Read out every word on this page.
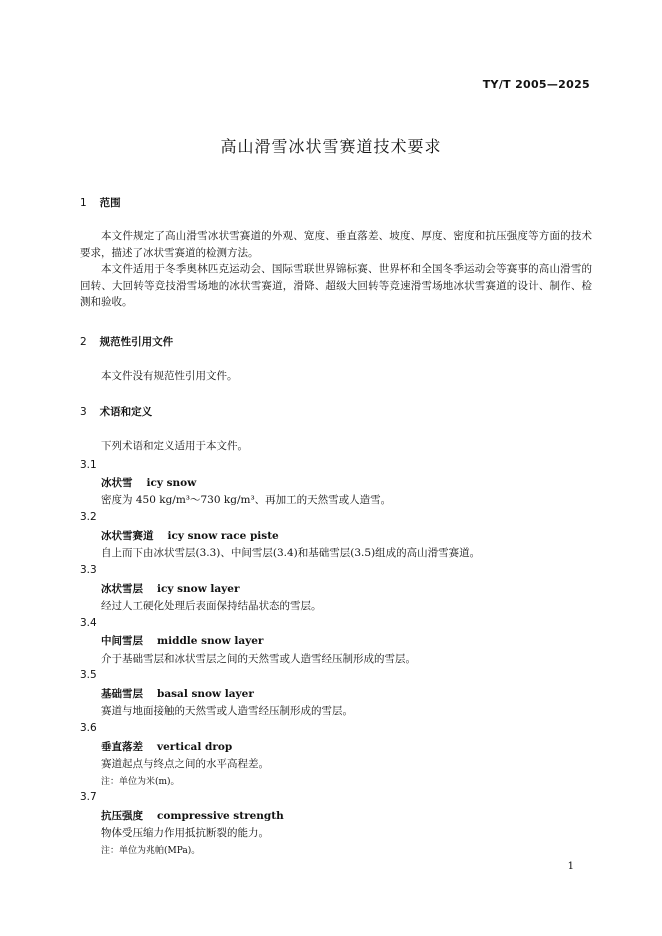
TY/T 2005—2025
高山滑雪冰状雪赛道技术要求
1 范围
本文件规定了高山滑雪冰状雪赛道的外观、宽度、垂直落差、坡度、厚度、密度和抗压强度等方面的技术要求，描述了冰状雪赛道的检测方法。
本文件适用于冬季奥林匹克运动会、国际雪联世界锦标赛、世界杯和全国冬季运动会等赛事的高山滑雪的回转、大回转等竞技滑雪场地的冰状雪赛道，滑降、超级大回转等竞速滑雪场地冰状雪赛道的设计、制作、检测和验收。
2 规范性引用文件
本文件没有规范性引用文件。
3 术语和定义
下列术语和定义适用于本文件。
3.1
冰状雪 icy snow
密度为 450 kg/m³～730 kg/m³、再加工的天然雪或人造雪。
3.2
冰状雪赛道 icy snow race piste
自上而下由冰状雪层(3.3)、中间雪层(3.4)和基础雪层(3.5)组成的高山滑雪赛道。
3.3
冰状雪层 icy snow layer
经过人工硬化处理后表面保持结晶状态的雪层。
3.4
中间雪层 middle snow layer
介于基础雪层和冰状雪层之间的天然雪或人造雪经压制形成的雪层。
3.5
基础雪层 basal snow layer
赛道与地面接触的天然雪或人造雪经压制形成的雪层。
3.6
垂直落差 vertical drop
赛道起点与终点之间的水平高程差。
注：单位为米(m)。
3.7
抗压强度 compressive strength
物体受压缩力作用抵抗断裂的能力。
注：单位为兆帕(MPa)。
1
